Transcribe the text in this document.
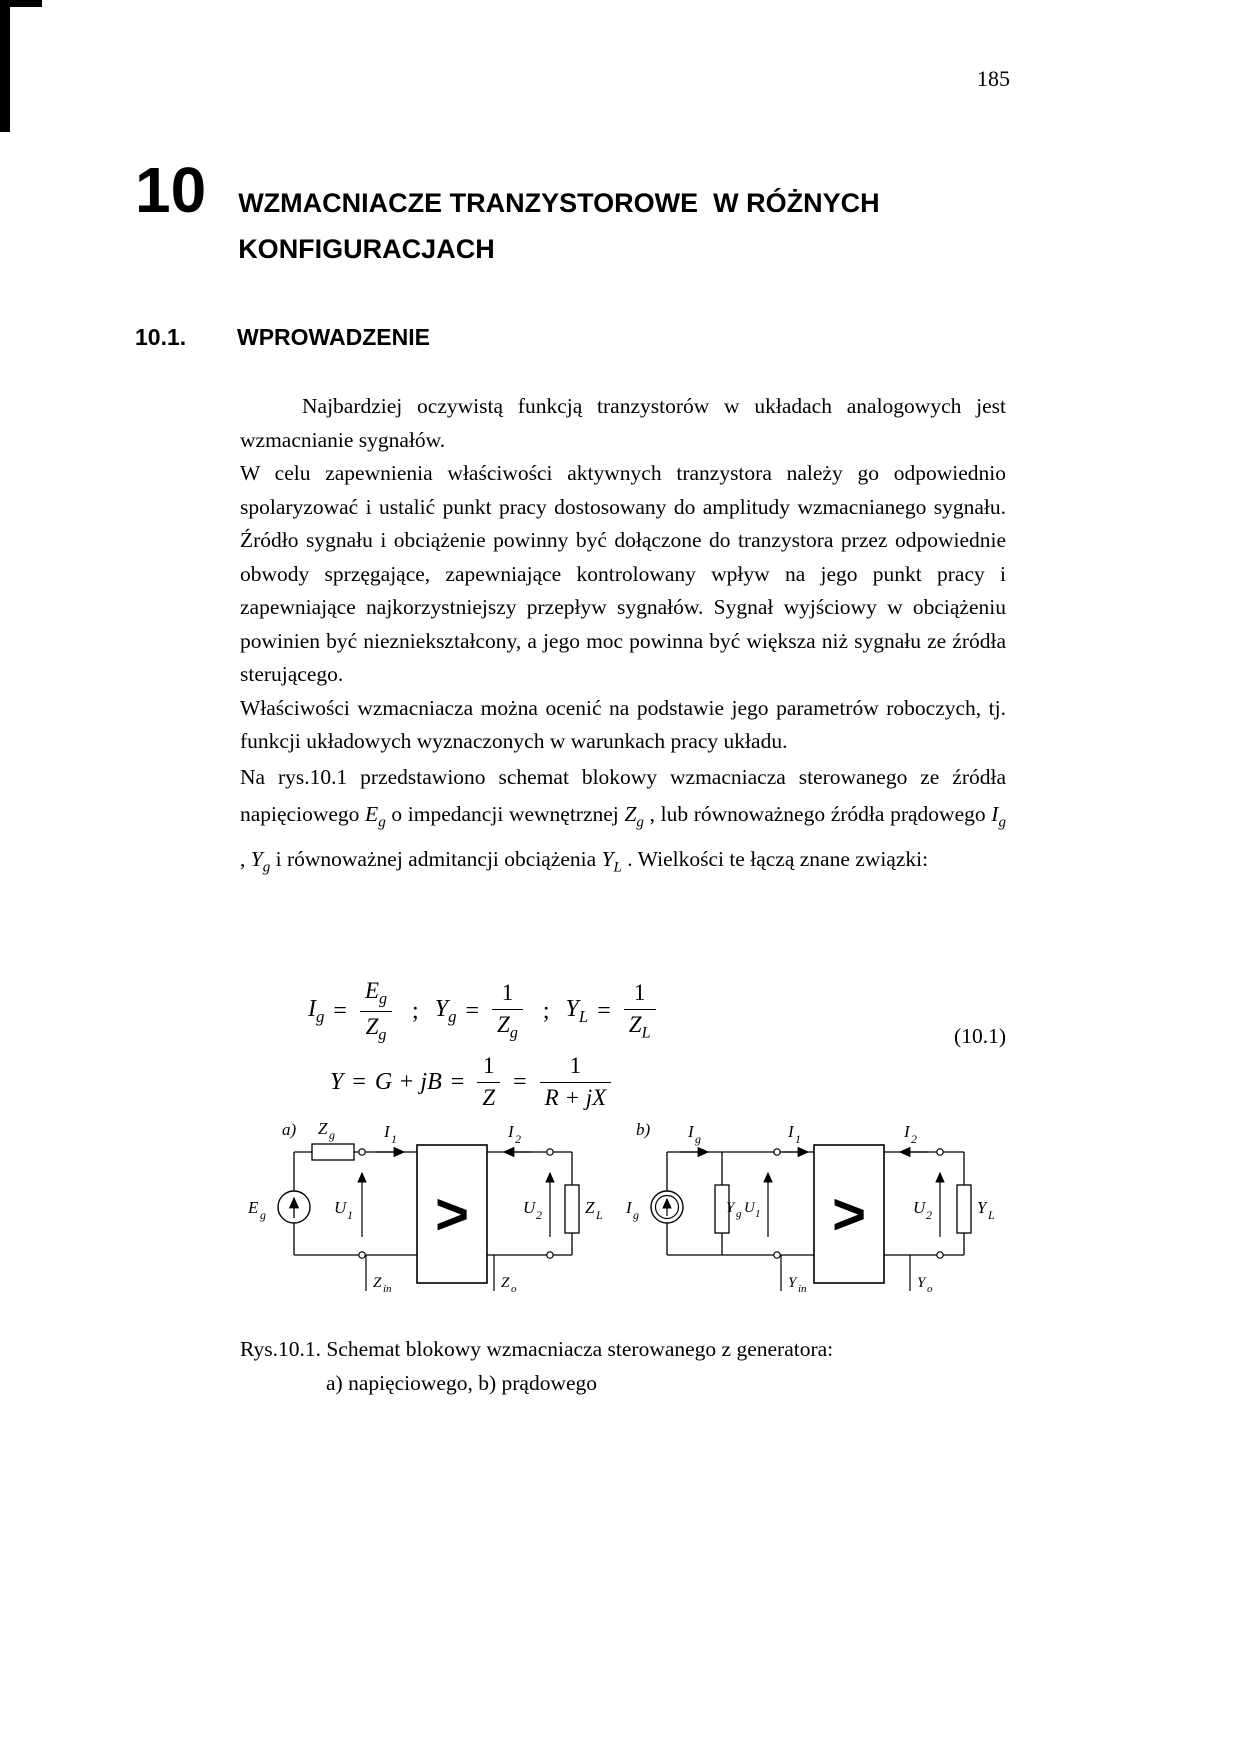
185
10 WZMACNIACZE TRANZYSTOROWE  W RÓŻNYCH
KONFIGURACJACH
10.1.	WPROWADZENIE

Najbardziej oczywistą funkcją tranzystorów w układach analogowych jest wzmacnianie sygnałów.

W celu zapewnienia właściwości aktywnych tranzystora należy go odpowiednio spolaryzować i ustalić punkt pracy dostosowany do amplitudy wzmacnianego sygnału. Źródło sygnału i obciążenie powinny być dołączone do tranzystora przez odpowiednie obwody sprzęgające, zapewniające kontrolowany wpływ na jego punkt pracy i zapewniające najkorzystniejszy przepływ sygnałów. Sygnał wyjściowy w obciążeniu powinien być niezniekształcony, a jego moc powinna być większa niż sygnału ze źródła sterującego.

Właściwości wzmacniacza można ocenić na podstawie jego parametrów roboczych, tj. funkcji układowych wyznaczonych w warunkach pracy układu.

Na rys.10.1 przedstawiono schemat blokowy wzmacniacza sterowanego ze źródła napięciowego $E_g$ o impedancji wewnętrznej $Z_g$ , lub równoważnego źródła prądowego $I_g$ , $Y_g$ i równoważnej admitancji obciążenia $Y_L$ . Wielkości te łączą znane związki:

$I_g = \frac{E_g}{Z_g}$ ; $Y_g = \frac{1}{Z_g}$ ; $Y_L = \frac{1}{Z_L}$
Y = G + jB = $\frac{1}{Z} = \frac{1}{R + jX}$
(10.1)
a)
E g
Z g
U 1
I 1
>
I 2
U 2	Z L
Z in	Z o
b)
I g
I g
Y g U 1
I 1
>
I 2
U 2	Y L
Y in	Y o
Rys.10.1. Schemat blokowy wzmacniacza sterowanego z generatora:
a) napięciowego, b) prądowego
